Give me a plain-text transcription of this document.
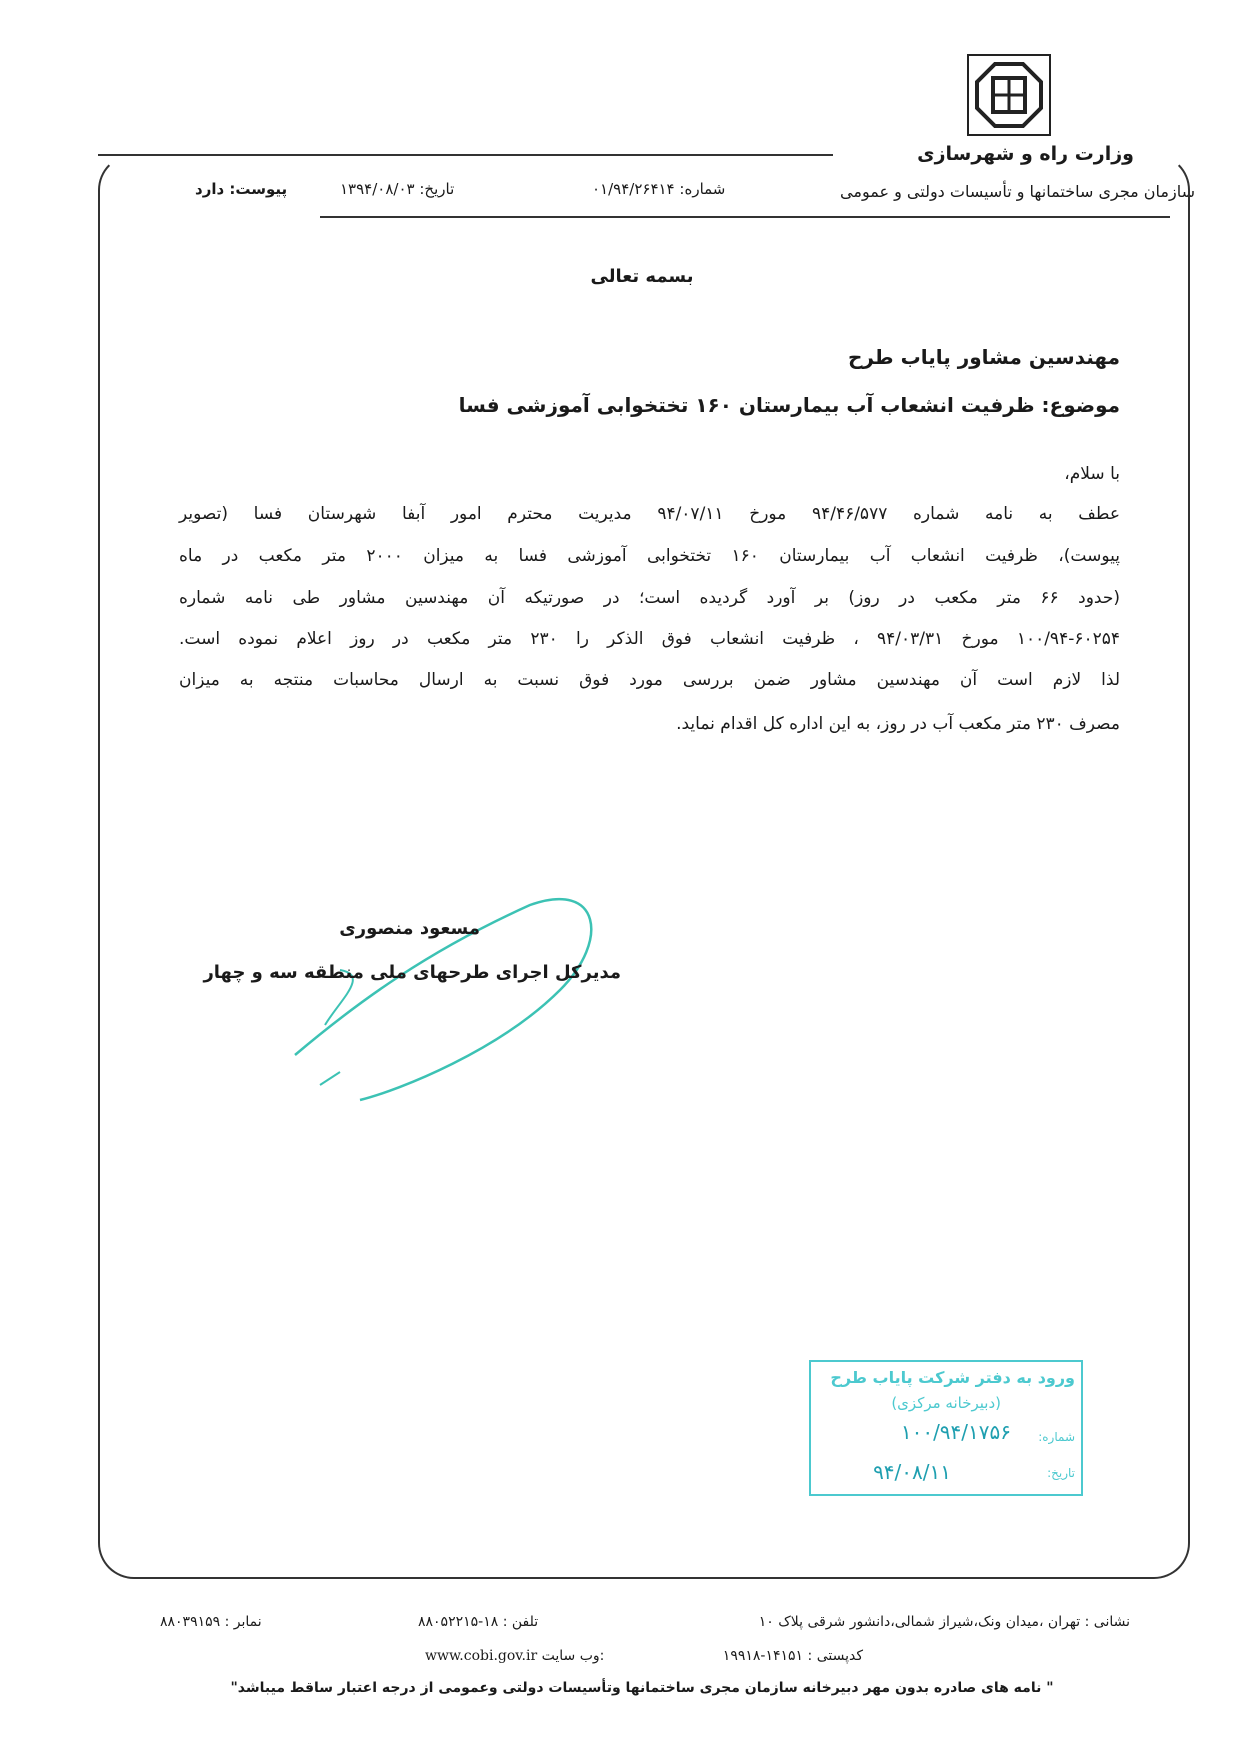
وزارت راه و شهرسازی
سازمان مجری ساختمانها و تأسیسات دولتی و عمومی
شماره: ۰۱/۹۴/۲۶۴۱۴
تاریخ: ۱۳۹۴/۰۸/۰۳
پیوست: دارد
بسمه تعالی
مهندسین مشاور پایاب طرح
موضوع: ظرفیت انشعاب آب بیمارستان ۱۶۰ تختخوابی آموزشی فسا
با سلام،
عطف به نامه شماره ۹۴/۴۶/۵۷۷ مورخ ۹۴/۰۷/۱۱ مدیریت محترم امور آبفا شهرستان فسا (تصویر
پیوست)، ظرفیت انشعاب آب بیمارستان ۱۶۰ تختخوابی آموزشی فسا به میزان ۲۰۰۰ متر مکعب در ماه
(حدود ۶۶ متر مکعب در روز) بر آورد گردیده است؛ در صورتیکه آن مهندسین مشاور طی نامه شماره
۱۰۰/۹۴-۶۰۲۵۴ مورخ ۹۴/۰۳/۳۱ ، ظرفیت انشعاب فوق الذکر را ۲۳۰ متر مکعب در روز اعلام نموده است.
لذا لازم است آن مهندسین مشاور ضمن بررسی مورد فوق نسبت به ارسال محاسبات منتجه به میزان
مصرف ۲۳۰ متر مکعب آب در روز، به این اداره کل اقدام نماید.
مسعود منصوری
مدیرکل اجرای طرحهای ملی منطقه سه و چهار
ورود به دفتر شرکت پایاب طرح
(دبیرخانه مرکزی)
شماره:
۱۰۰/۹۴/۱۷۵۶
تاریخ:
۹۴/۰۸/۱۱
نشانی : تهران ،میدان ونک،شیراز شمالی،دانشور شرقی پلاک ۱۰
تلفن : ۱۸-۸۸۰۵۲۲۱۵
نمابر : ۸۸۰۳۹۱۵۹
کدپستی : ۱۴۱۵۱-۱۹۹۱۸
www.cobi.gov.ir وب سایت:
" نامه های صادره بدون مهر دبیرخانه سازمان مجری ساختمانها وتأسیسات دولتی وعمومی از درجه اعتبار ساقط میباشد"
